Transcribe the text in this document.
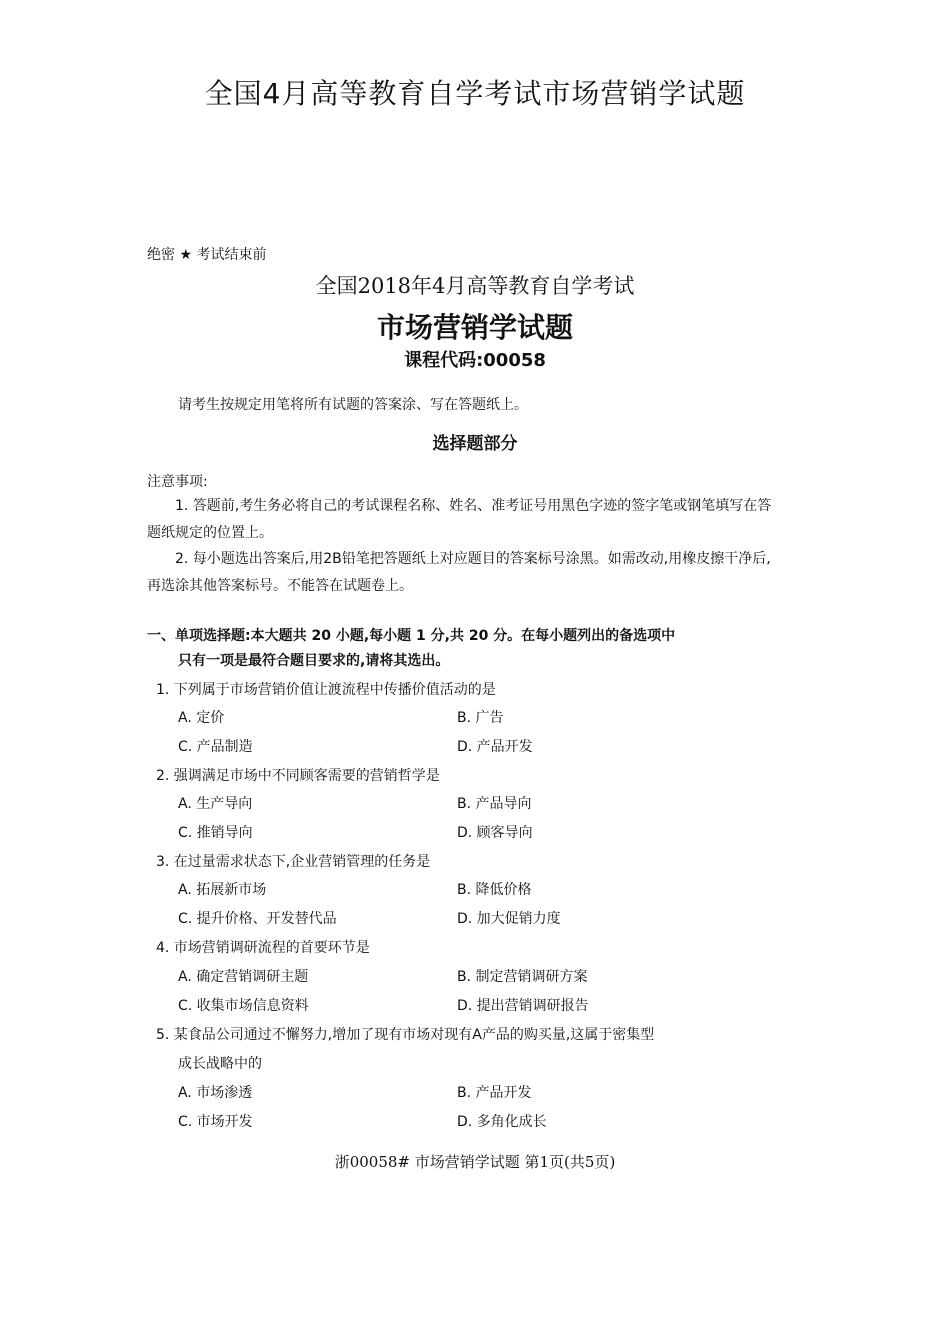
全国4月高等教育自学考试市场营销学试题
绝密 ★ 考试结束前
全国2018年4月高等教育自学考试
市场营销学试题
课程代码:00058
请考生按规定用笔将所有试题的答案涂、写在答题纸上。
选择题部分
注意事项:

1. 答题前,考生务必将自己的考试课程名称、姓名、准考证号用黑色字迹的签字笔或钢笔填写在答题纸规定的位置上。

2. 每小题选出答案后,用2B铅笔把答题纸上对应题目的答案标号涂黑。如需改动,用橡皮擦干净后,再选涂其他答案标号。不能答在试题卷上。

一、单项选择题:本大题共 20 小题,每小题 1 分,共 20 分。在每小题列出的备选项中
只有一项是最符合题目要求的,请将其选出。
1. 下列属于市场营销价值让渡流程中传播价值活动的是
A. 定价	B. 广告
C. 产品制造	D. 产品开发
2. 强调满足市场中不同顾客需要的营销哲学是
A. 生产导向	B. 产品导向
C. 推销导向	D. 顾客导向
3. 在过量需求状态下,企业营销管理的任务是
A. 拓展新市场	B. 降低价格
C. 提升价格、开发替代品	D. 加大促销力度
4. 市场营销调研流程的首要环节是
A. 确定营销调研主题	B. 制定营销调研方案
C. 收集市场信息资料	D. 提出营销调研报告
5. 某食品公司通过不懈努力,增加了现有市场对现有A产品的购买量,这属于密集型
成长战略中的
A. 市场渗透	B. 产品开发
C. 市场开发	D. 多角化成长
浙00058# 市场营销学试题 第1页(共5页)
